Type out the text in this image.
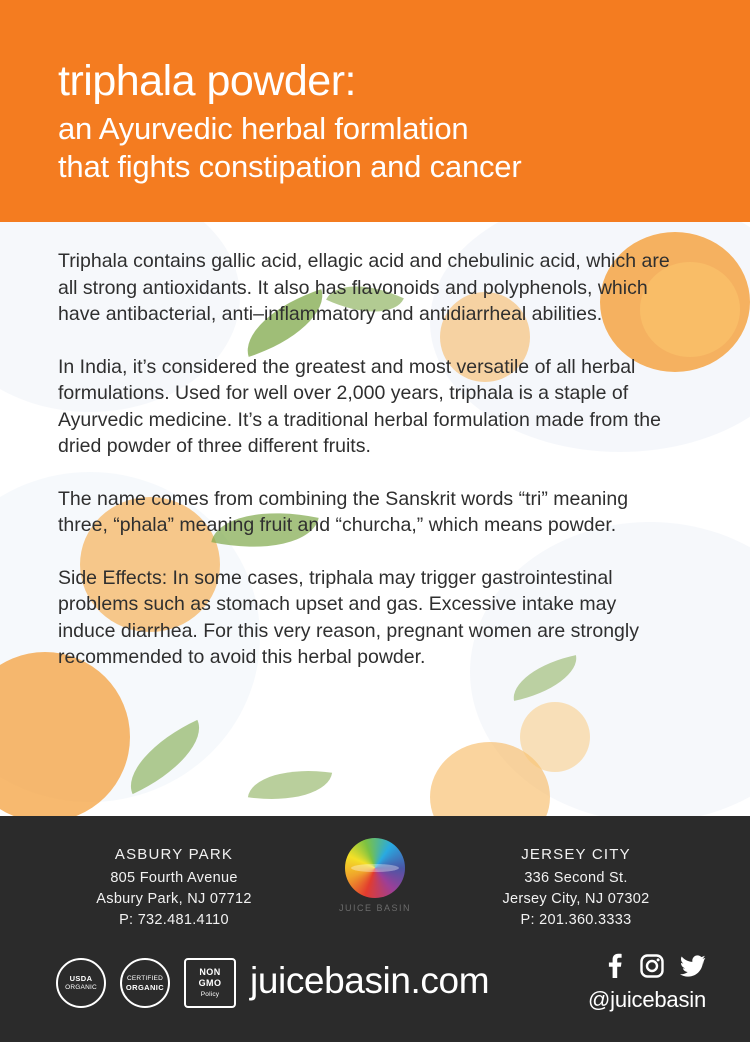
triphala powder:
an Ayurvedic herbal formlation
that fights constipation and cancer

Triphala contains gallic acid, ellagic acid and chebulinic acid, which are all strong antioxidants. It also has flavonoids and polyphenols, which have antibacterial, anti–inflammatory and antidiarrheal abilities.

In India, it’s considered the greatest and most versatile of all herbal formulations. Used for well over 2,000 years, triphala is a staple of Ayurvedic medicine. It’s a traditional herbal formulation made from the dried powder of three different fruits.

The name comes from combining the Sanskrit words “tri” meaning three, “phala” meaning fruit and “churcha,” which means powder.

Side Effects: In some cases, triphala may trigger gastrointestinal problems such as stomach upset and gas. Excessive intake may induce diarrhea. For this very reason, pregnant women are strongly recommended to avoid this herbal powder.

ASBURY PARK
805 Fourth Avenue
Asbury Park, NJ 07712
P: 732.481.4110
JUICE BASIN
JERSEY CITY
336 Second St.
Jersey City, NJ 07302
P: 201.360.3333
USDA
ORGANIC
CERTIFIED
ORGANIC
NON
GMO
Policy juicebasin.com	@juicebasin
